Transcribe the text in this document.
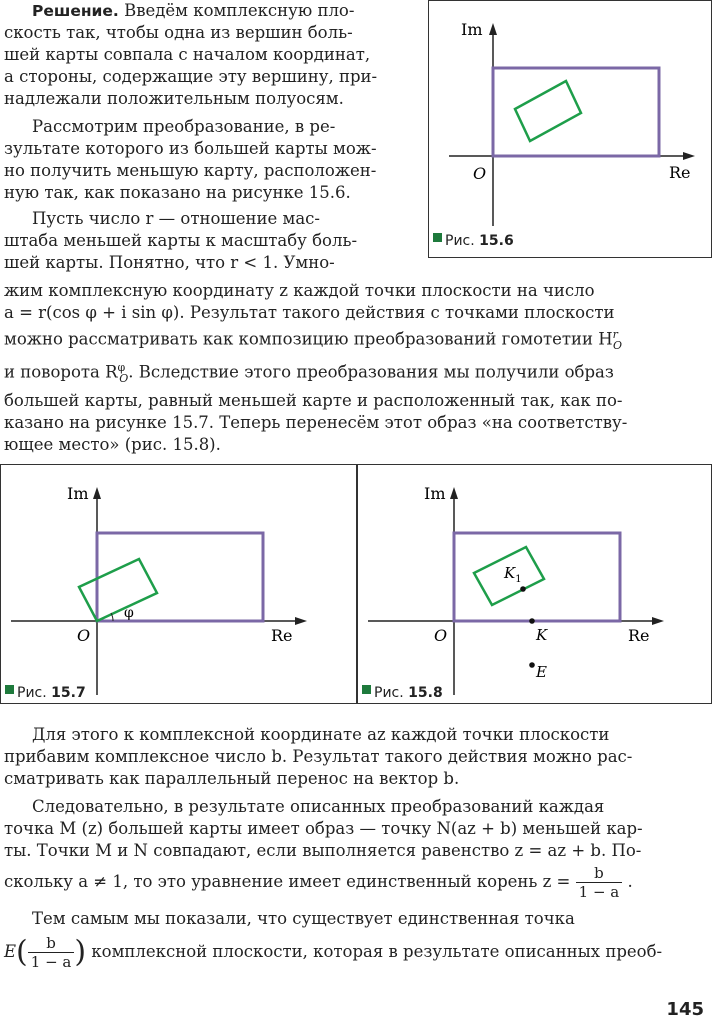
Решение. Введём комплексную пло-
скость так, чтобы одна из вершин боль-
шей карты совпала с началом координат,
а стороны, содержащие эту вершину, при-
надлежали положительным полуосям.
Рассмотрим преобразование, в ре-
зультате которого из большей карты мож-
но получить меньшую карту, расположен-
ную так, как показано на рисунке 15.6.
Пусть число r — отношение мас-
штаба меньшей карты к масштабу боль-
шей карты. Понятно, что r < 1. Умно-
жим комплексную координату z каждой точки плоскости на число
a = r(cos φ + i sin φ). Результат такого действия с точками плоскости
можно рассматривать как композицию преобразований гомотетии $H^r_O$
и поворота $R^\varphi_O$. Вследствие этого преобразования мы получили образ
большей карты, равный меньшей карте и расположенный так, как по-
казано на рисунке 15.7. Теперь перенесём этот образ «на соответству-
ющее место» (рис. 15.8).
Im
Re
O
Рис. 15.6
φ
Im
Re
O
Рис. 15.7
$K_1$
K
E
Im
Re
O
Рис. 15.8
Для этого к комплексной координате az каждой точки плоскости
прибавим комплексное число b. Результат такого действия можно рас-
сматривать как параллельный перенос на вектор b.
Следовательно, в результате описанных преобразований каждая
точка M (z) большей карты имеет образ — точку N(az + b) меньшей кар-
ты. Точки M и N совпадают, если выполняется равенство z = az + b. По-
скольку a ≠ 1, то это уравнение имеет единственный корень $z = \frac{b}{1 - a}$ .
Тем самым мы показали, что существует единственная точка
$E( \frac{b}{1 - a}$ ) комплексной плоскости, которая в результате описанных преоб-
145
